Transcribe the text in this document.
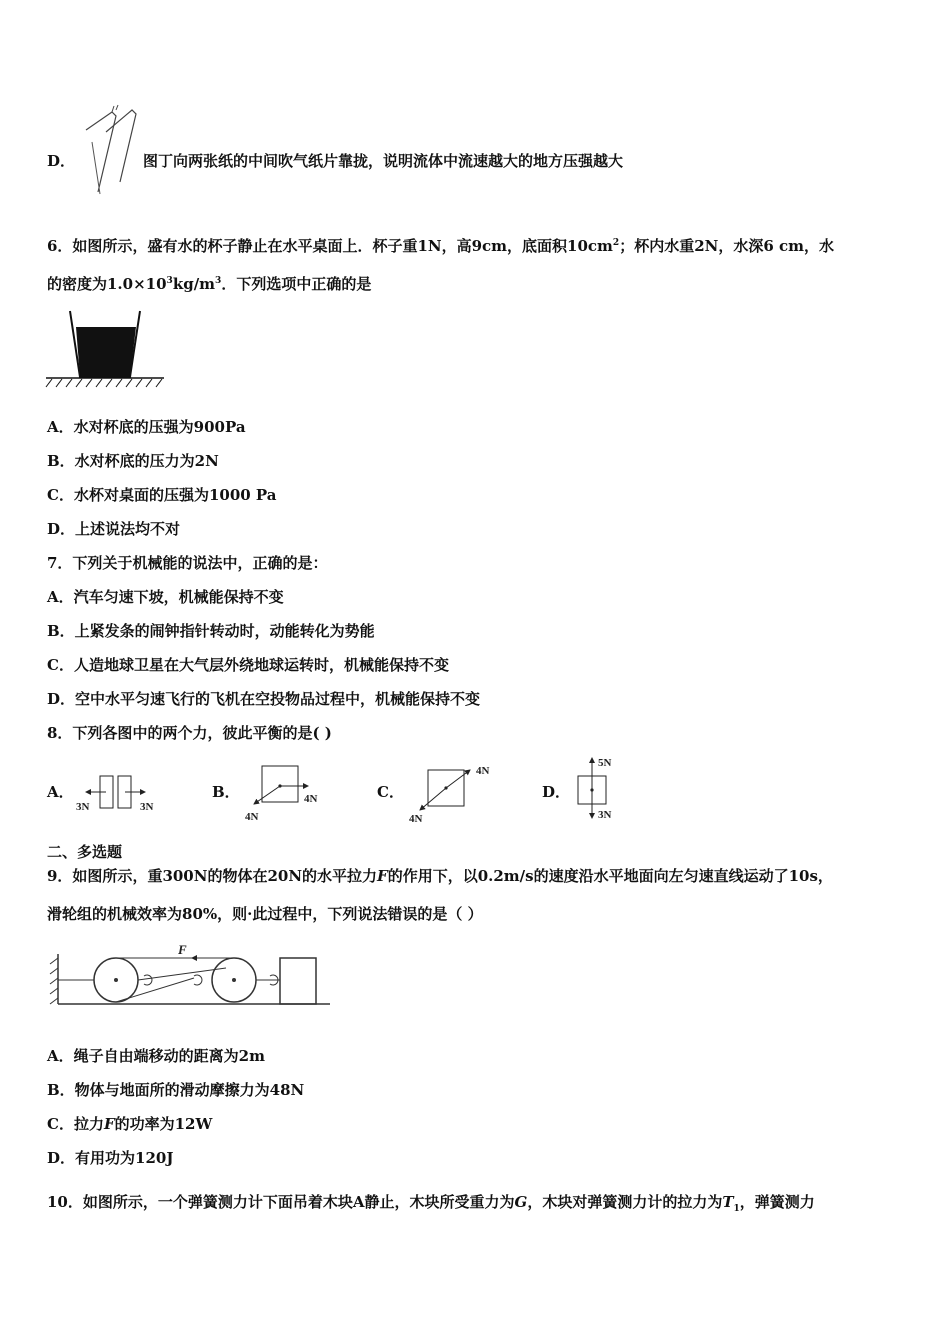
D．	图丁向两张纸的中间吹气纸片靠拢，说明流体中流速越大的地方压强越大
6．如图所示，盛有水的杯子静止在水平桌面上．杯子重1N，高9cm，底面积$10cm^2$；杯内水重2N，水深6 cm，水
的密度为$1.0\times 10^3kg/m^3$．下列选项中正确的是
A．水对杯底的压强为900Pa
B．水对杯底的压力为2N
C．水杯对桌面的压强为1000 Pa
D．上述说法均不对
7．下列关于机械能的说法中，正确的是：
A．汽车匀速下坡，机械能保持不变
B．上紧发条的闹钟指针转动时，动能转化为势能
C．人造地球卫星在大气层外绕地球运转时，机械能保持不变
D．空中水平匀速飞行的飞机在空投物品过程中，机械能保持不变
8．下列各图中的两个力，彼此平衡的是( )
A．
3N	3N
B．	4N
4N
C．
4N
4N
D．
5N
3N
二、多选题
9．如图所示，重300N的物体在20N的水平拉力F的作用下，以0.2m/s的速度沿水平地面向左匀速直线运动了10s，
滑轮组的机械效率为80%，则·此过程中，下列说法错误的是（ ）
F
A．绳子自由端移动的距离为2m
B．物体与地面所的滑动摩擦力为48N
C．拉力F的功率为12W
D．有用功为120J
10．如图所示，一个弹簧测力计下面吊着木块A静止，木块所受重力为G，木块对弹簧测力计的拉力为$T_1$，弹簧测力
